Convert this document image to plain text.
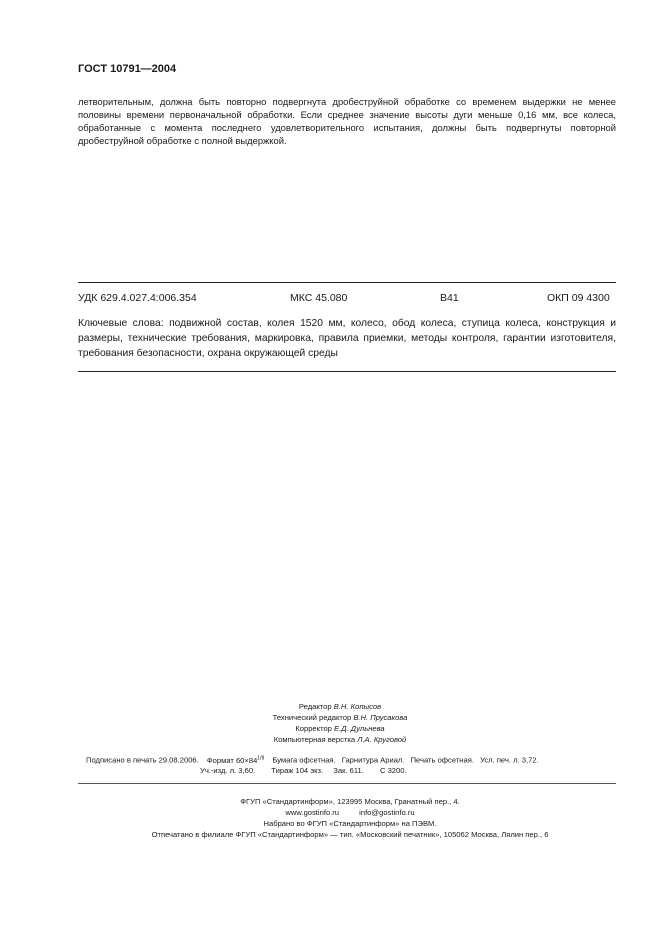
ГОСТ 10791—2004
летворительным, должна быть повторно подвергнута дробеструйной обработке со временем выдержки не менее половины времени первоначальной обработки. Если среднее значение высоты дуги меньше 0,16 мм, все колеса, обработанные с момента последнего удовлетворительного испытания, должны быть подвергнуты повторной дробеструйной обработке с полной выдержкой.
УДК 629.4.027.4:006.354	МКС 45.080	В41	ОКП 09 4300
Ключевые слова: подвижной состав, колея 1520 мм, колесо, обод колеса, ступица колеса, конструкция и размеры, технические требования, маркировка, правила приемки, методы контроля, гарантии изготовителя, требования безопасности, охрана окружающей среды
Редактор В.Н. Копысов
Технический редактор В.Н. Прусакова
Корректор Е.Д. Дульнева
Компьютерная верстка Л.А. Круговой
Подписано в печать 29.08.2006. Формат $60\times 84^{1/8}$ Бумага офсетная. Гарнитура Ариал. Печать офсетная. Усл. печ. л. 3,72.
Уч.-изд. л. 3,60. Тираж 104 экз. Зак. 611. С 3200.
ФГУП «Стандартинформ», 123995 Москва, Гранатный пер., 4.
www.gostinfo.ru	info@gostinfo.ru
Набрано во ФГУП «Стандартинформ» на ПЭВМ.
Отпечатано в филиале ФГУП «Стандартинформ» — тип. «Московский печатник», 105062 Москва, Лялин пер., 6
